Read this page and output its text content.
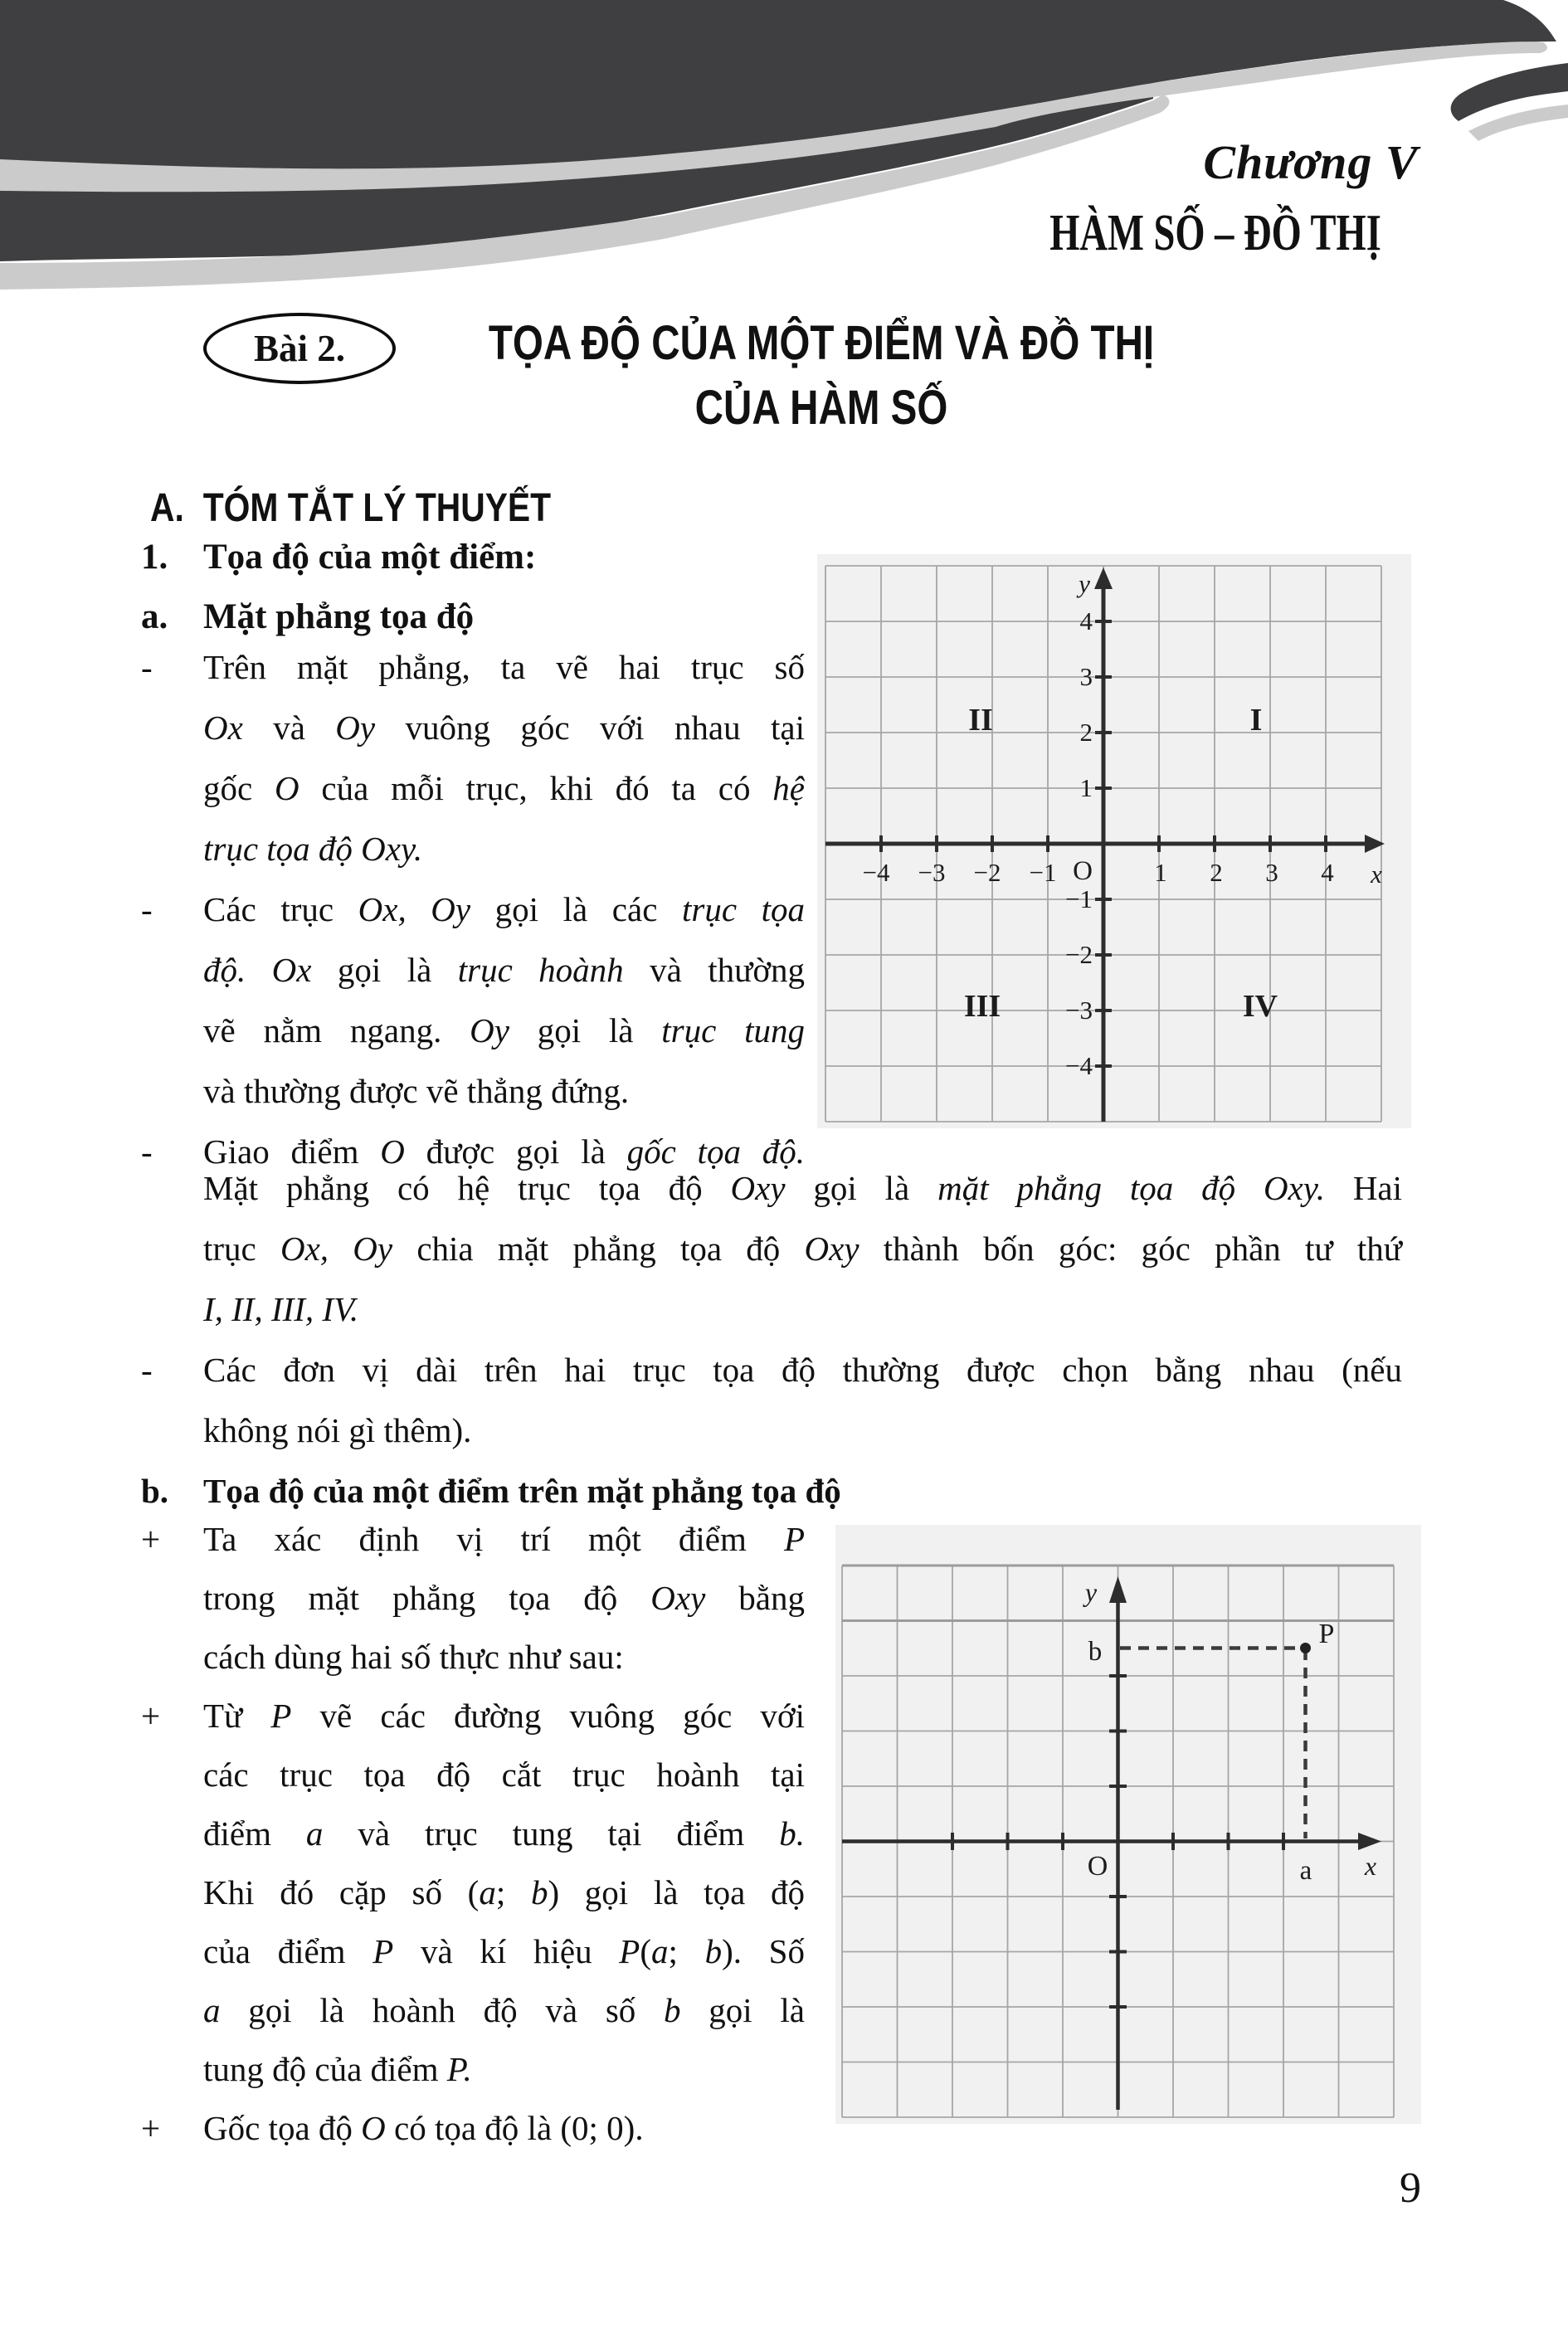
Chương V
HÀM SỐ – ĐỒ THỊ
Bài 2.	TỌA ĐỘ CỦA MỘT ĐIỂM VÀ ĐỒ THỊ
CỦA HÀM SỐ
A. TÓM TẮT LÝ THUYẾT
1. Tọa độ của một điểm:
a. Mặt phẳng tọa độ
- Trên mặt phẳng, ta vẽ hai trục số
Ox và Oy vuông góc với nhau tại
gốc O của mỗi trục, khi đó ta có hệ
trục tọa độ Oxy.
- Các trục Ox, Oy gọi là các trục tọa
độ. Ox gọi là trục hoành và thường
vẽ nằm ngang. Oy gọi là trục tung
và thường được vẽ thẳng đứng.
- Giao điểm O được gọi là gốc tọa độ.
Mặt phẳng có hệ trục tọa độ Oxy gọi là mặt phẳng tọa độ Oxy. Hai
trục Ox, Oy chia mặt phẳng tọa độ Oxy thành bốn góc: góc phần tư thứ
I, II, III, IV.
- Các đơn vị dài trên hai trục tọa độ thường được chọn bằng nhau (nếu
không nói gì thêm).
b. Tọa độ của một điểm trên mặt phẳng tọa độ
+ Ta xác định vị trí một điểm P
trong mặt phẳng tọa độ Oxy bằng
cách dùng hai số thực như sau:
+ Từ P vẽ các đường vuông góc với
các trục tọa độ cắt trục hoành tại
điểm a và trục tung tại điểm b.
Khi đó cặp số (a; b) gọi là tọa độ
của điểm P và kí hiệu P(a; b). Số
a gọi là hoành độ và số b gọi là
tung độ của điểm P.
+ Gốc tọa độ O có tọa độ là (0; 0).
−4 −3 −2 −1	1 2 3 4
4
3
2
1
−1
−2
−3
−4
O	x
y
I
II
III	IV
P
b
a
O	x
y
9
